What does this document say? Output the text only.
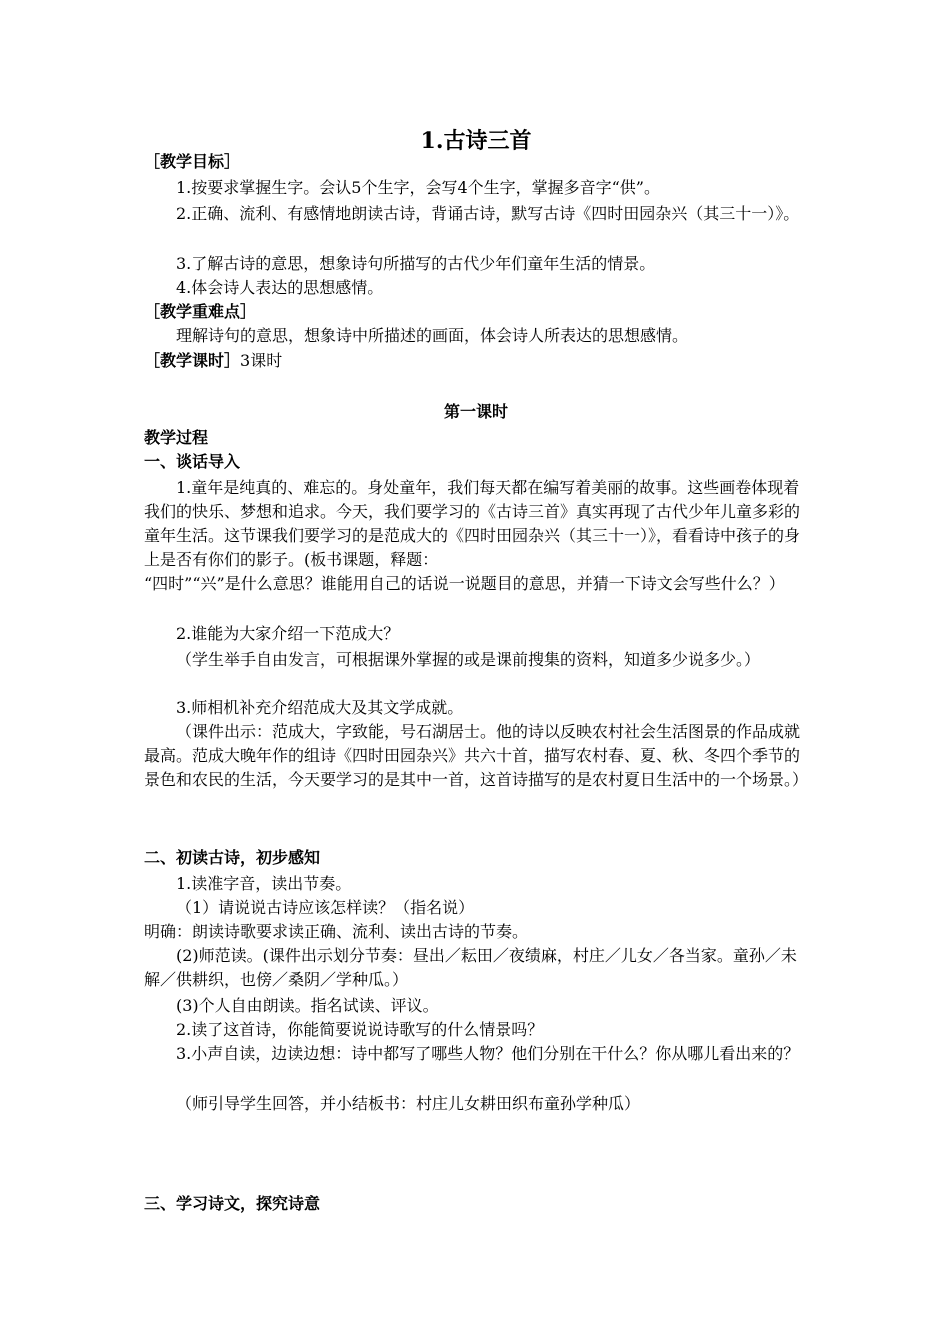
1.古诗三首
［教学目标］
1.按要求掌握生字。会认5个生字，会写4个生字，掌握多音字“供”。
2.正确、流利、有感情地朗读古诗，背诵古诗，默写古诗《四时田园杂兴（其三十一）》。
3.了解古诗的意思，想象诗句所描写的古代少年们童年生活的情景。
4.体会诗人表达的思想感情。
［教学重难点］
理解诗句的意思，想象诗中所描述的画面，体会诗人所表达的思想感情。
［教学课时］3课时
第一课时
教学过程
一、谈话导入
1.童年是纯真的、难忘的。身处童年，我们每天都在编写着美丽的故事。这些画卷体现着我们的快乐、梦想和追求。今天，我们要学习的《古诗三首》真实再现了古代少年儿童多彩的童年生活。这节课我们要学习的是范成大的《四时田园杂兴（其三十一）》，看看诗中孩子的身上是否有你们的影子。(板书课题，释题：
“四时”“兴”是什么意思？谁能用自己的话说一说题目的意思，并猜一下诗文会写些什么？）
2.谁能为大家介绍一下范成大？
（学生举手自由发言，可根据课外掌握的或是课前搜集的资料，知道多少说多少。）
3.师相机补充介绍范成大及其文学成就。
（课件出示：范成大，字致能，号石湖居士。他的诗以反映农村社会生活图景的作品成就最高。范成大晚年作的组诗《四时田园杂兴》共六十首，描写农村春、夏、秋、冬四个季节的景色和农民的生活，今天要学习的是其中一首，这首诗描写的是农村夏日生活中的一个场景。）
二、初读古诗，初步感知
1.读准字音，读出节奏。
（1）请说说古诗应该怎样读？（指名说）
明确：朗读诗歌要求读正确、流利、读出古诗的节奏。
(2)师范读。(课件出示划分节奏：昼出／耘田／夜绩麻，村庄／儿女／各当家。童孙／未解／供耕织，也傍／桑阴／学种瓜。）
(3)个人自由朗读。指名试读、评议。
2.读了这首诗，你能简要说说诗歌写的什么情景吗？
3.小声自读，边读边想：诗中都写了哪些人物？他们分别在干什么？你从哪儿看出来的？
（师引导学生回答，并小结板书：村庄儿女耕田织布童孙学种瓜）
三、学习诗文，探究诗意
